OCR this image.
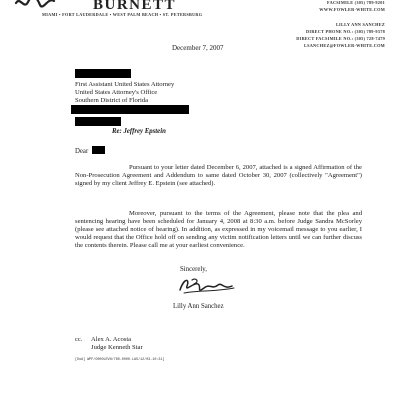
BURNETT
MIAMI • FORT LAUDERDALE • WEST PALM BEACH • ST. PETERSBURG
FACSIMILE (305) 789-9201
WWW.FOWLER-WHITE.COM
LILLY ANN SANCHEZ
DIRECT PHONE NO.: (305) 789-9378
DIRECT FACSIMILE NO.: (305) 728-7479
LSANCHEZ@FOWLER-WHITE.COM
December 7, 2007
First Assistant United States Attorney
United States Attorney's Office
Southern District of Florida
Re: Jeffrey Epstein
Dear
Pursuant to your letter dated December 6, 2007, attached is a signed Affirmation of the Non-Prosecution Agreement and Addendum to same dated October 30, 2007 (collectively "Agreement") signed by my client Jeffrey E. Epstein (see attached).
Moreover, pursuant to the terms of the Agreement, please note that the plea and sentencing hearing have been scheduled for January 4, 2008 at 8:30 a.m. before Judge Sandra McSorley (please see attached notice of hearing). In addition, as expressed in my voicemail message to you earlier, I would request that the Office hold off on sending any victim notification letters until we can further discuss the contents therein. Please call me at your earliest convenience.
Sincerely,
Lilly Ann Sanchez
cc. Alex A. Acosta
Judge Kenneth Star
[DoA] WPF/O000LEVN/760-0000.LAS/12/03-10:31]
